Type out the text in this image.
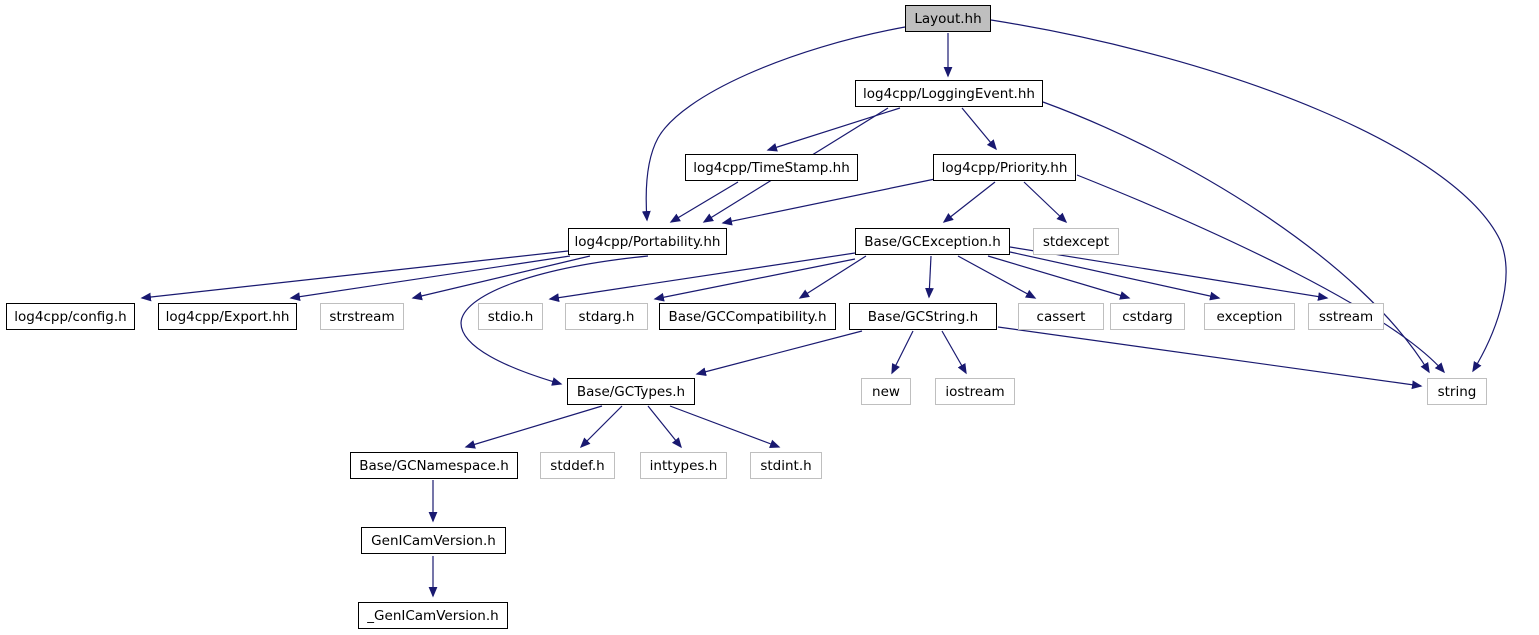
Layout.hh
log4cpp/LoggingEvent.hh
log4cpp/TimeStamp.hh	log4cpp/Priority.hh
log4cpp/Portability.hh	Base/GCException.h	stdexcept
log4cpp/config.h	log4cpp/Export.hh	strstream	stdio.h	stdarg.h	Base/GCCompatibility.h	Base/GCString.h	cassert	cstdarg	exception	sstream
Base/GCTypes.h	new	iostream	string
Base/GCNamespace.h	stddef.h	inttypes.h	stdint.h
GenICamVersion.h
_GenICamVersion.h
